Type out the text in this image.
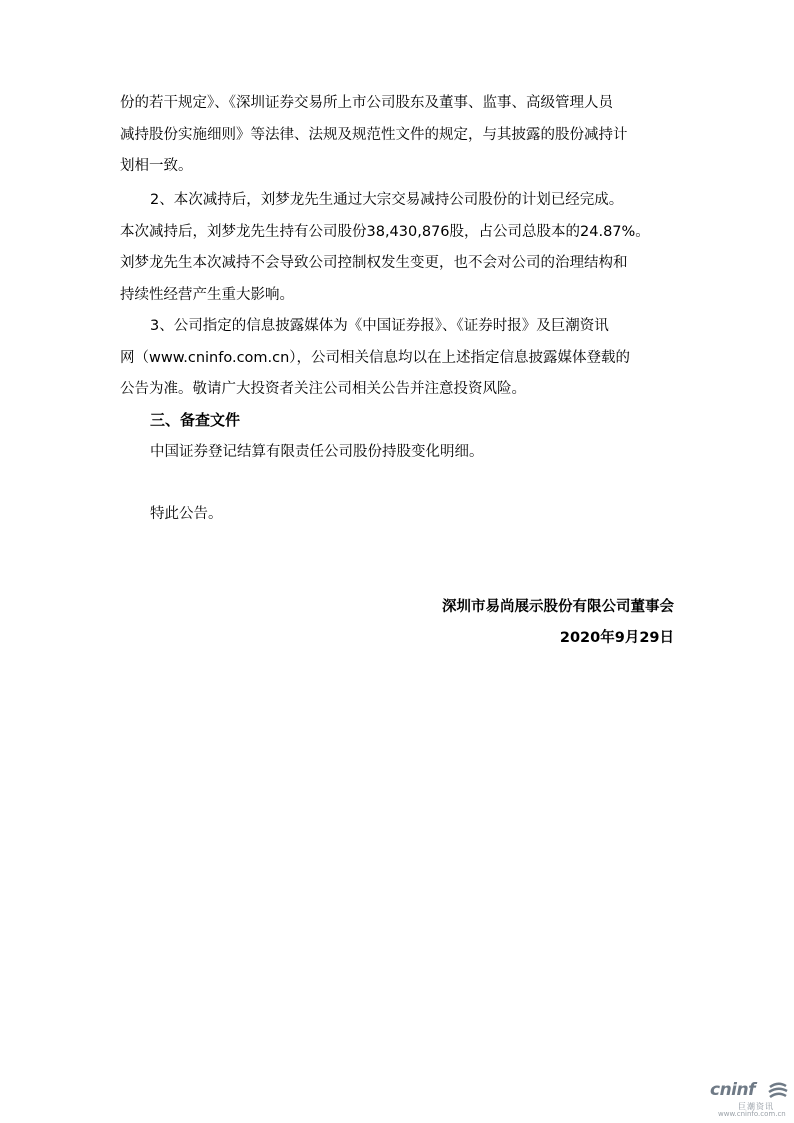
份的若干规定》、《深圳证券交易所上市公司股东及董事、监事、高级管理人员
减持股份实施细则》等法律、法规及规范性文件的规定，与其披露的股份减持计
划相一致。
2、本次减持后，刘梦龙先生通过大宗交易减持公司股份的计划已经完成。
本次减持后，刘梦龙先生持有公司股份38,430,876股，占公司总股本的24.87%。
刘梦龙先生本次减持不会导致公司控制权发生变更，也不会对公司的治理结构和
持续性经营产生重大影响。
3、公司指定的信息披露媒体为《中国证券报》、《证券时报》及巨潮资讯
网（www.cninfo.com.cn），公司相关信息均以在上述指定信息披露媒体登载的
公告为准。敬请广大投资者关注公司相关公告并注意投资风险。

三、备查文件

中国证券登记结算有限责任公司股份持股变化明细。

特此公告。

深圳市易尚展示股份有限公司董事会

2020年9月29日

cninf
巨潮资讯
www.cninfo.com.cn
